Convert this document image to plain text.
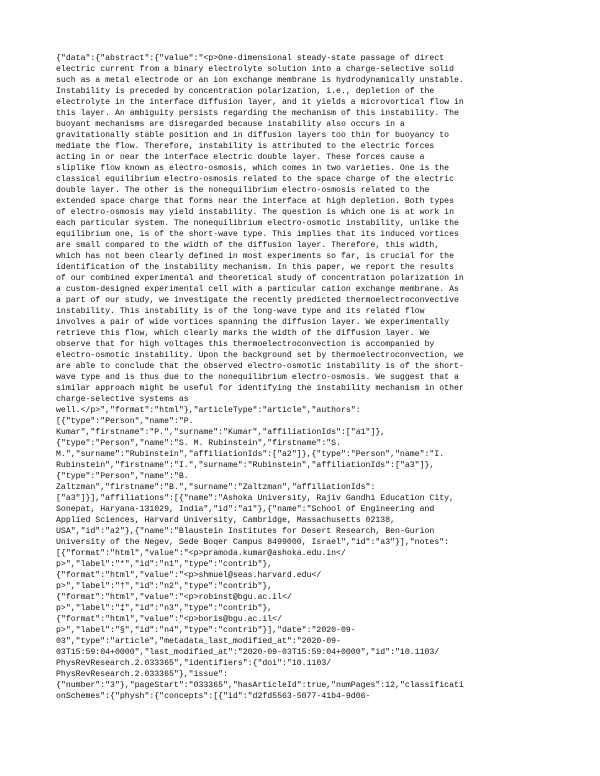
{"data":{"abstract":{"value":"<p>One-dimensional steady-state passage of direct
electric current from a binary electrolyte solution into a charge-selective solid
such as a metal electrode or an ion exchange membrane is hydrodynamically unstable.
Instability is preceded by concentration polarization, i.e., depletion of the
electrolyte in the interface diffusion layer, and it yields a microvortical flow in
this layer. An ambiguity persists regarding the mechanism of this instability. The
buoyant mechanisms are disregarded because instability also occurs in a
gravitationally stable position and in diffusion layers too thin for buoyancy to
mediate the flow. Therefore, instability is attributed to the electric forces
acting in or near the interface electric double layer. These forces cause a
sliplike flow known as electro-osmosis, which comes in two varieties. One is the
classical equilibrium electro-osmosis related to the space charge of the electric
double layer. The other is the nonequilibrium electro-osmosis related to the
extended space charge that forms near the interface at high depletion. Both types
of electro-osmosis may yield instability. The question is which one is at work in
each particular system. The nonequilibrium electro-osmotic instability, unlike the
equilibrium one, is of the short-wave type. This implies that its induced vortices
are small compared to the width of the diffusion layer. Therefore, this width,
which has not been clearly defined in most experiments so far, is crucial for the
identification of the instability mechanism. In this paper, we report the results
of our combined experimental and theoretical study of concentration polarization in
a custom-designed experimental cell with a particular cation exchange membrane. As
a part of our study, we investigate the recently predicted thermoelectroconvective
instability. This instability is of the long-wave type and its related flow
involves a pair of wide vortices spanning the diffusion layer. We experimentally
retrieve this flow, which clearly marks the width of the diffusion layer. We
observe that for high voltages this thermoelectroconvection is accompanied by
electro-osmotic instability. Upon the background set by thermoelectroconvection, we
are able to conclude that the observed electro-osmotic instability is of the short-
wave type and is thus due to the nonequilibrium electro-osmosis. We suggest that a
similar approach might be useful for identifying the instability mechanism in other
charge-selective systems as
well.</p>","format":"html"},"articleType":"article","authors":
[{"type":"Person","name":"P.
Kumar","firstname":"P.","surname":"Kumar","affiliationIds":["a1"]},
{"type":"Person","name":"S. M. Rubinstein","firstname":"S.
M.","surname":"Rubinstein","affiliationIds":["a2"]},{"type":"Person","name":"I.
Rubinstein","firstname":"I.","surname":"Rubinstein","affiliationIds":["a3"]},
{"type":"Person","name":"B.
Zaltzman","firstname":"B.","surname":"Zaltzman","affiliationIds":
["a3"]}],"affiliations":[{"name":"Ashoka University, Rajiv Gandhi Education City,
Sonepat, Haryana-131029, India","id":"a1"},{"name":"School of Engineering and
Applied Sciences, Harvard University, Cambridge, Massachusetts 02138,
USA","id":"a2"},{"name":"Blaustein Institutes for Desert Research, Ben-Gurion
University of the Negev, Sede Boqer Campus 8499000, Israel","id":"a3"}],"notes":
[{"format":"html","value":"<p>pramoda.kumar@ashoka.edu.in</
p>","label":"*","id":"n1","type":"contrib"},
{"format":"html","value":"<p>shmuel@seas.harvard.edu</
p>","label":"†","id":"n2","type":"contrib"},
{"format":"html","value":"<p>robinst@bgu.ac.il</
p>","label":"‡","id":"n3","type":"contrib"},
{"format":"html","value":"<p>boris@bgu.ac.il</
p>","label":"§","id":"n4","type":"contrib"}],"date":"2020-09-
03","type":"article","metadata_last_modified_at":"2020-09-
03T15:59:04+0000","last_modified_at":"2020-09-03T15:59:04+0000","id":"10.1103/
PhysRevResearch.2.033365","identifiers":{"doi":"10.1103/
PhysRevResearch.2.033365"},"issue":
{"number":"3"},"pageStart":"033365","hasArticleId":true,"numPages":12,"classificati
onSchemes":{"physh":{"concepts":[{"id":"d2fd5563-5077-41b4-9d06-
